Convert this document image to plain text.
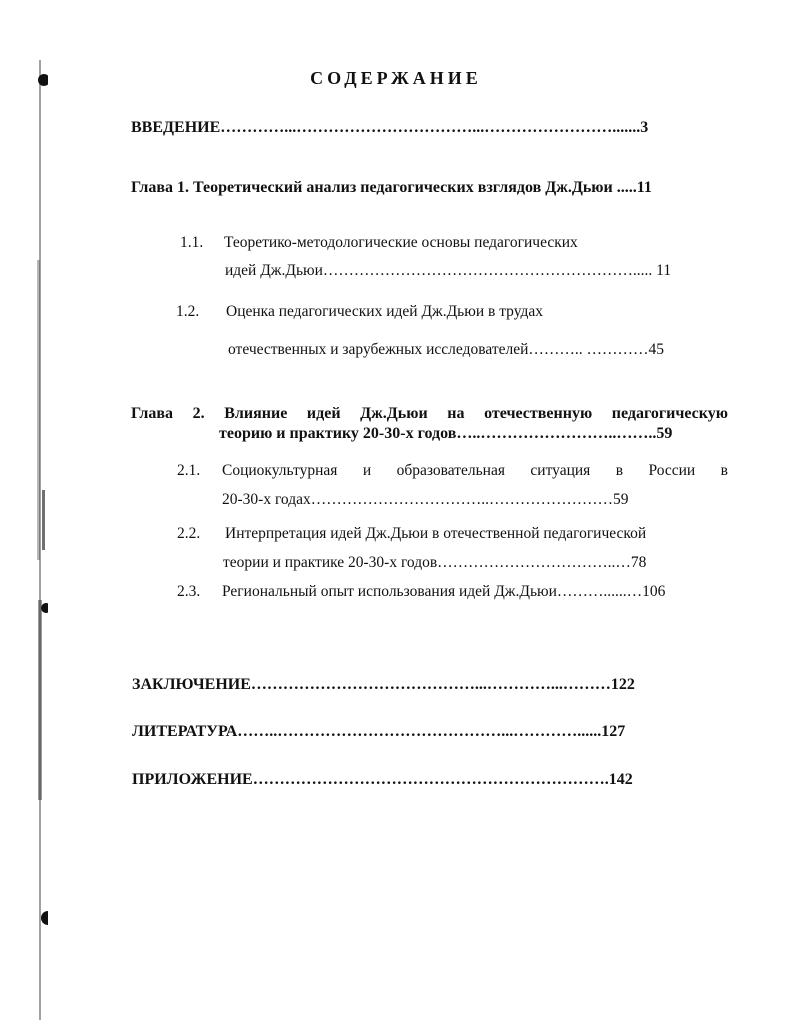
СОДЕРЖАНИЕ
ВВЕДЕНИЕ…………...……………………………...…………………….......3
Глава 1. Теоретический анализ педагогических взглядов Дж.Дьюи .....11
1.1. Теоретико-методологические основы педагогических
идей Дж.Дьюи……………………………………………………..... 11
1.2. Оценка педагогических идей Дж.Дьюи в трудах
отечественных и зарубежных исследователей……….. …………45
Глава 2. Влияние идей Дж.Дьюи на отечественную педагогическую
теорию и практику 20-30-х годов…..……………………..……..59
2.1. Социокультурная и образовательная ситуация в России в
20-30-х годах……………………………..……………………59
2.2. Интерпретация идей Дж.Дьюи в отечественной педагогической
теории и практике 20-30-х годов……………………………..…78
2.3. Региональный опыт использования идей Дж.Дьюи………......…106
ЗАКЛЮЧЕНИЕ……………………………………...…………...………122
ЛИТЕРАТУРА……..……………………………………...…………......127
ПРИЛОЖЕНИЕ………………………………………………………….142
